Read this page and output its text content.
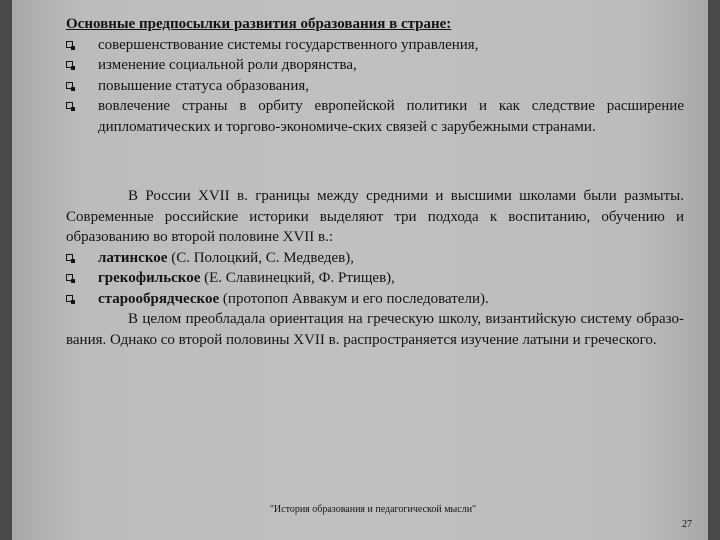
Основные предпосылки развития образования в стране:

совершенствование системы государственного управления,
изменение социальной роли дворянства,
повышение статуса образования,
вовлечение страны в орбиту европейской политики и как следствие расширение дипломатических и торгово-экономиче-ских связей с зарубежными странами.

В России XVII в. границы между средними и высшими школами были размыты. Современные российские историки выделяют три подхода к воспитанию, обучению и образованию во второй половине XVII в.:

латинское (С. Полоцкий, С. Медведев),
грекофильское (Е. Славинецкий, Ф. Ртищев),
старообрядческое (протопоп Аввакум и его последователи).

В целом преобладала ориентация на греческую школу, византийскую систему образо-вания. Однако со второй половины XVII в. распространяется изучение латыни и греческого.

"История образования и педагогической мысли"
27
